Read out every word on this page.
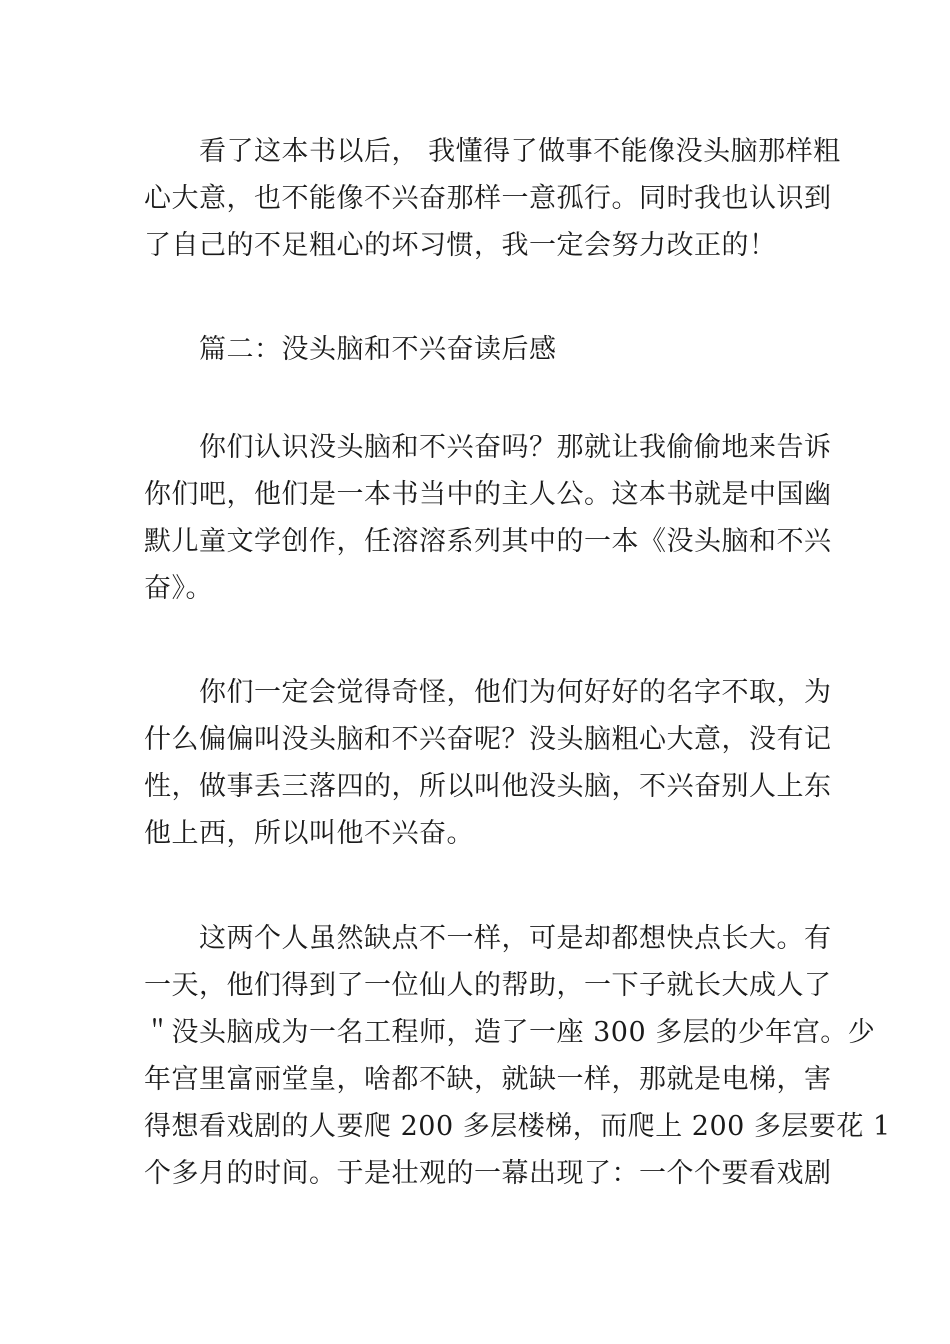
看了这本书以后， 我懂得了做事不能像没头脑那样粗
心大意，也不能像不兴奋那样一意孤行。同时我也认识到
了自己的不足粗心的坏习惯，我一定会努力改正的！
篇二：没头脑和不兴奋读后感
你们认识没头脑和不兴奋吗？那就让我偷偷地来告诉
你们吧，他们是一本书当中的主人公。这本书就是中国幽
默儿童文学创作，任溶溶系列其中的一本《没头脑和不兴
奋》。
你们一定会觉得奇怪，他们为何好好的名字不取，为
什么偏偏叫没头脑和不兴奋呢？没头脑粗心大意，没有记
性，做事丢三落四的，所以叫他没头脑，不兴奋别人上东
他上西，所以叫他不兴奋。
这两个人虽然缺点不一样，可是却都想快点长大。有
一天，他们得到了一位仙人的帮助，一下子就长大成人了
＂没头脑成为一名工程师，造了一座 300 多层的少年宫。少
年宫里富丽堂皇，啥都不缺，就缺一样，那就是电梯，害
得想看戏剧的人要爬 200 多层楼梯，而爬上 200 多层要花 1
个多月的时间。于是壮观的一幕出现了：一个个要看戏剧
